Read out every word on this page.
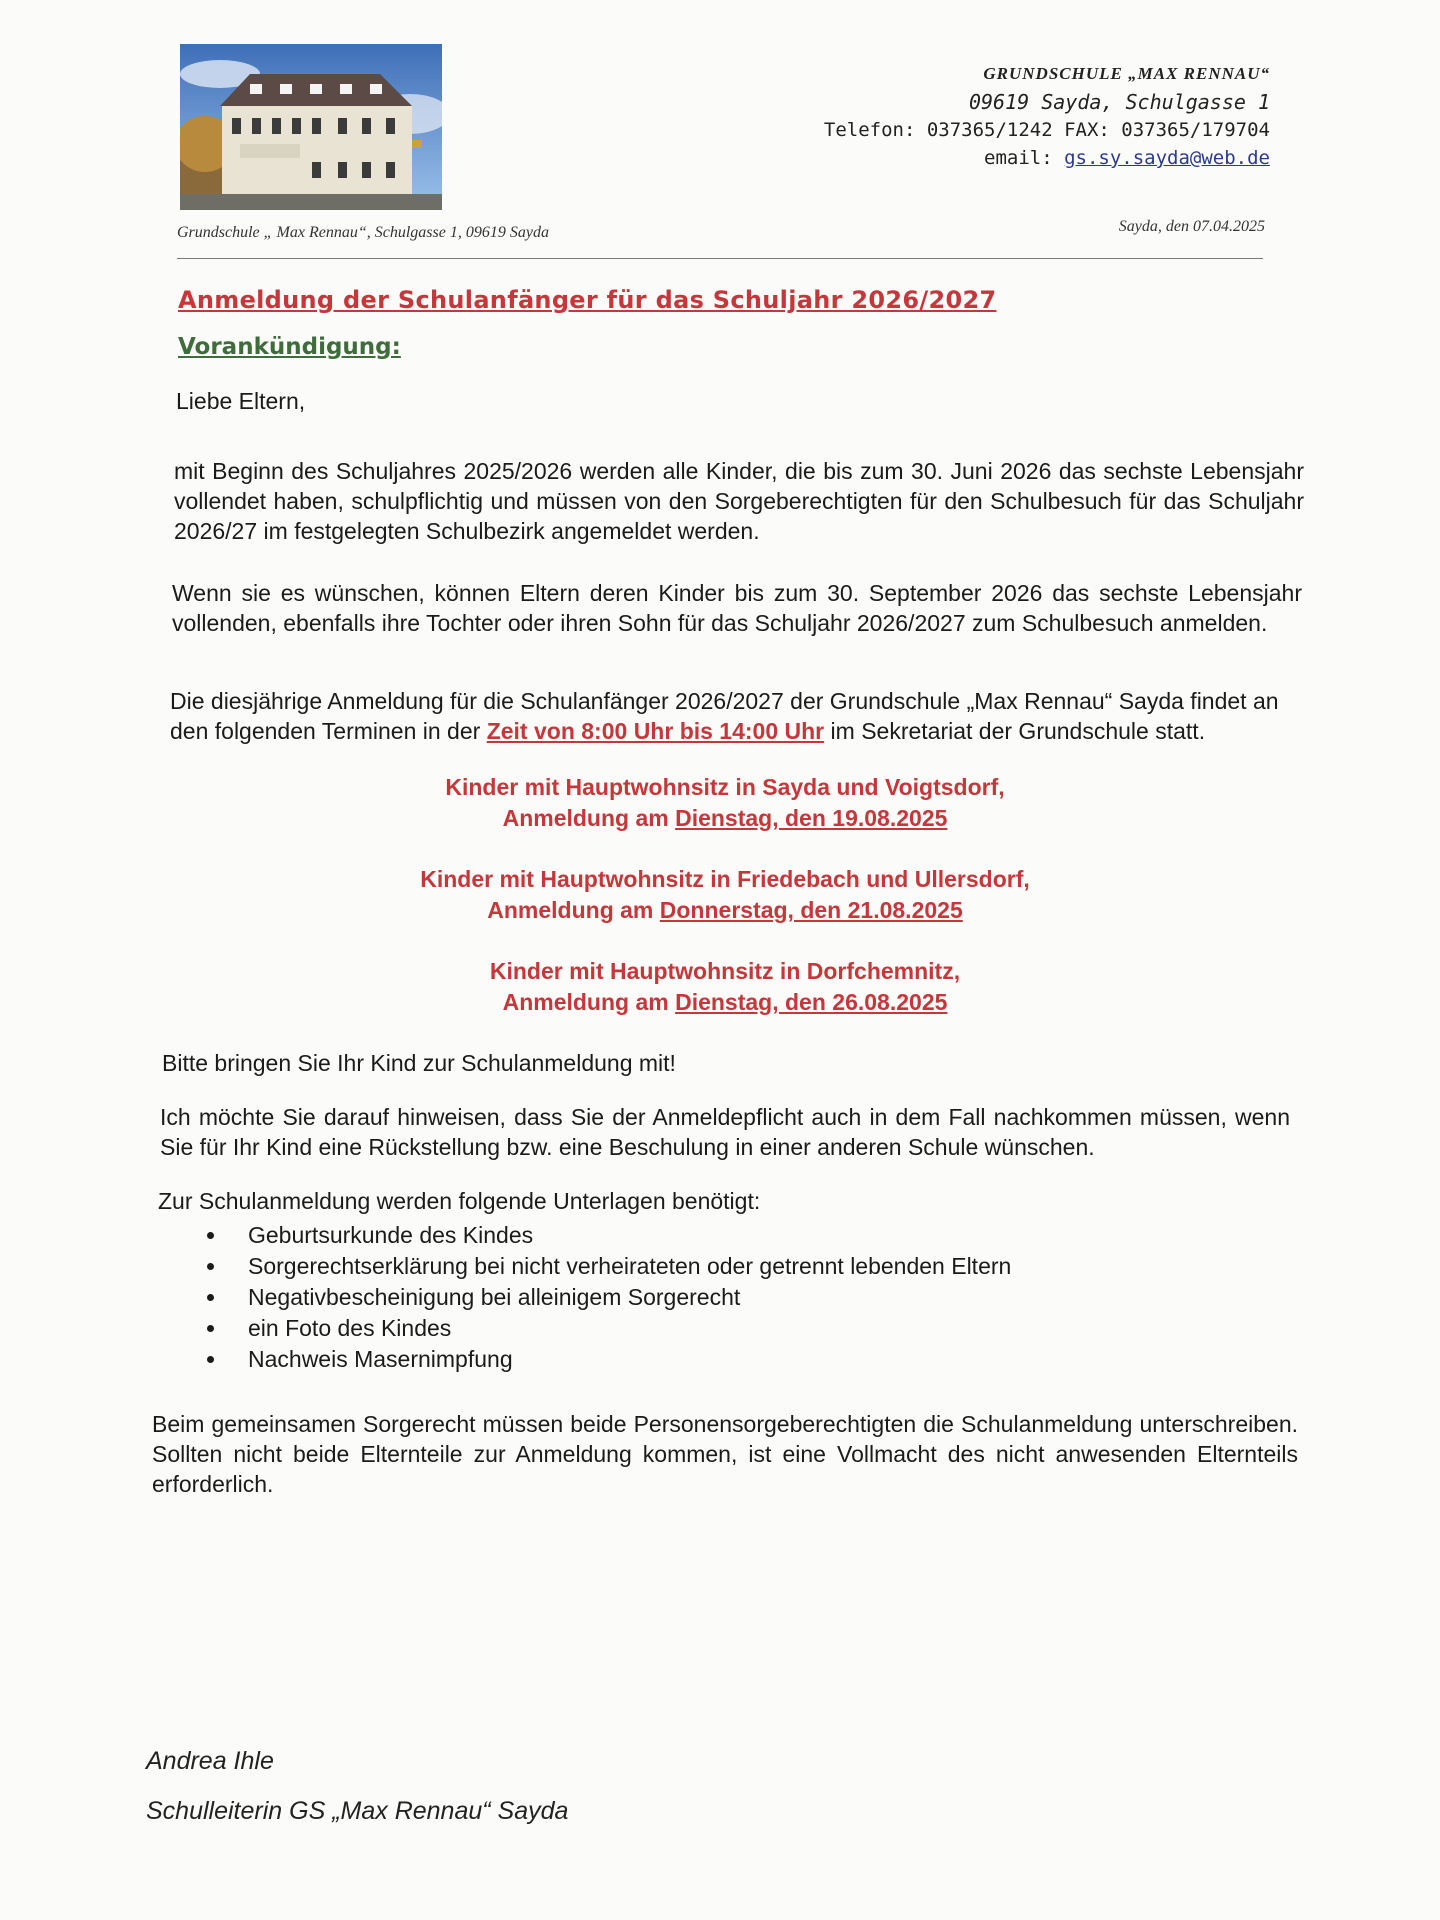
GRUNDSCHULE „MAX RENNAU“
09619 Sayda, Schulgasse 1
Telefon: 037365/1242 FAX: 037365/179704
email: gs.sy.sayda@web.de
Grundschule „ Max Rennau“, Schulgasse 1, 09619 Sayda	Sayda, den 07.04.2025
Anmeldung der Schulanfänger für das Schuljahr 2026/2027
Vorankündigung:

Liebe Eltern,

mit Beginn des Schuljahres 2025/2026 werden alle Kinder, die bis zum 30. Juni 2026 das sechste Lebensjahr vollendet haben, schulpflichtig und müssen von den Sorgeberechtigten für den Schulbesuch für das Schuljahr 2026/27 im festgelegten Schulbezirk angemeldet werden.

Wenn sie es wünschen, können Eltern deren Kinder bis zum 30. September 2026 das sechste Lebensjahr vollenden, ebenfalls ihre Tochter oder ihren Sohn für das Schuljahr 2026/2027 zum Schulbesuch anmelden.

Die diesjährige Anmeldung für die Schulanfänger 2026/2027 der Grundschule „Max Rennau“ Sayda findet an den folgenden Terminen in der Zeit von 8:00 Uhr bis 14:00 Uhr im Sekretariat der Grundschule statt.

Kinder mit Hauptwohnsitz in Sayda und Voigtsdorf,
Anmeldung am Dienstag, den 19.08.2025
Kinder mit Hauptwohnsitz in Friedebach und Ullersdorf,
Anmeldung am Donnerstag, den 21.08.2025
Kinder mit Hauptwohnsitz in Dorfchemnitz,
Anmeldung am Dienstag, den 26.08.2025

Bitte bringen Sie Ihr Kind zur Schulanmeldung mit!

Ich möchte Sie darauf hinweisen, dass Sie der Anmeldepflicht auch in dem Fall nachkommen müssen, wenn Sie für Ihr Kind eine Rückstellung bzw. eine Beschulung in einer anderen Schule wünschen.

Zur Schulanmeldung werden folgende Unterlagen benötigt:

• Geburtsurkunde des Kindes
• Sorgerechtserklärung bei nicht verheirateten oder getrennt lebenden Eltern
• Negativbescheinigung bei alleinigem Sorgerecht
• ein Foto des Kindes
• Nachweis Masernimpfung

Beim gemeinsamen Sorgerecht müssen beide Personensorgeberechtigten die Schulanmeldung unterschreiben. Sollten nicht beide Elternteile zur Anmeldung kommen, ist eine Vollmacht des nicht anwesenden Elternteils erforderlich.

Andrea Ihle
Schulleiterin GS „Max Rennau“ Sayda
